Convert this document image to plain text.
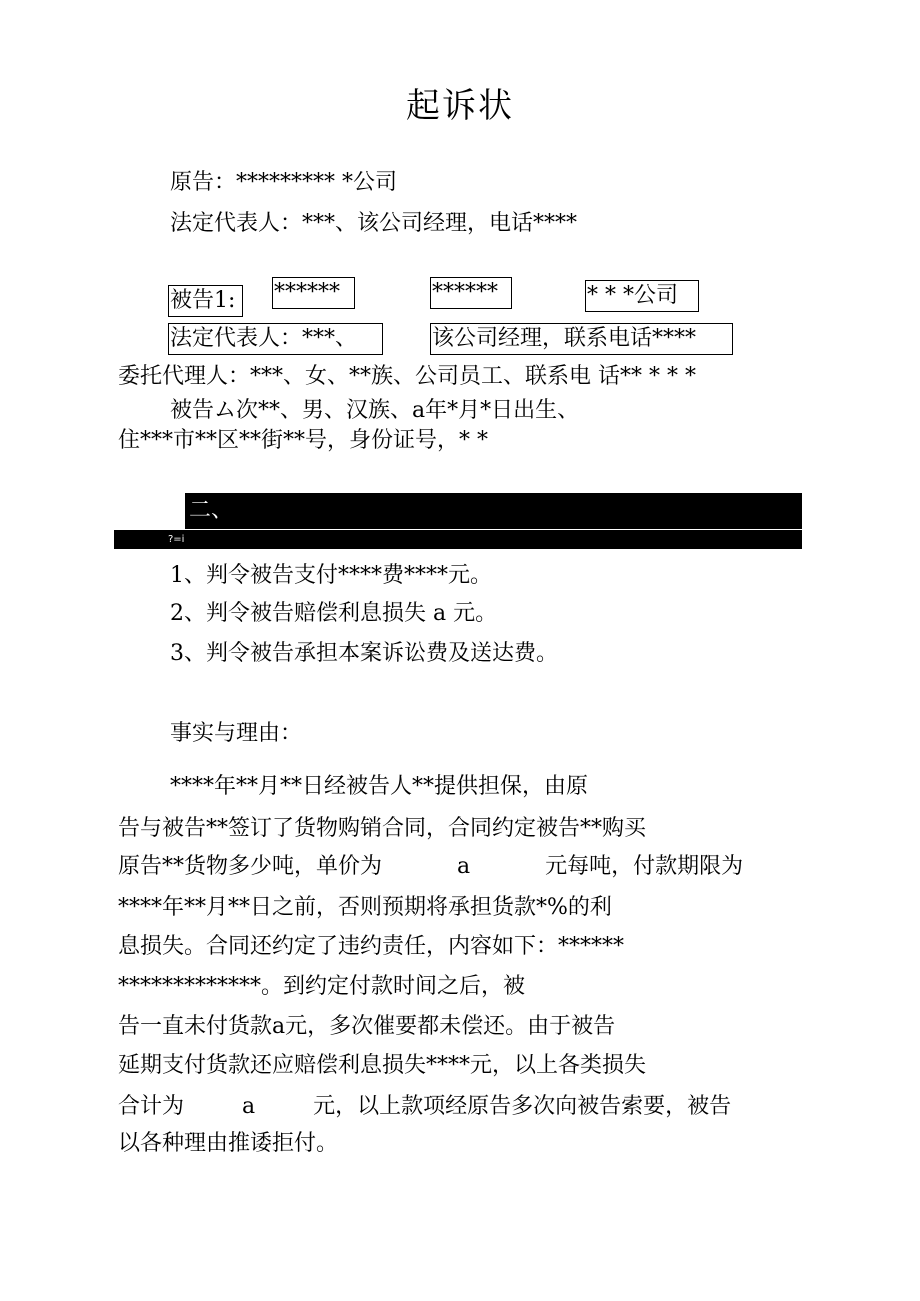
起诉状
原告：********* *公司
法定代表人：***、该公司经理，电话****
被告1:	******	******	* * *公司
法定代表人：***、	该公司经理，联系电话****
委托代理人：***、女、**族、公司员工、联系电 话** * * *
被告ム次**、男、汉族、a年*月*日出生、
住***市**区**街**号，身份证号，* *
二、
?=i
1、判令被告支付****费****元。
2、判令被告赔偿利息损失 a 元。
3、判令被告承担本案诉讼费及送达费。
事实与理由：
****年**月**日经被告人**提供担保，由原
告与被告**签订了货物购销合同，合同约定被告**购买
原告**货物多少吨，单价为	a	元每吨，付款期限为
****年**月**日之前，否则预期将承担货款*%的利
息损失。合同还约定了违约责任，内容如下：******
*************。到约定付款时间之后，被
告一直未付货款a元，多次催要都未偿还。由于被告
延期支付货款还应赔偿利息损失****元，以上各类损失
合计为	a	元，以上款项经原告多次向被告索要，被告
以各种理由推诿拒付。
